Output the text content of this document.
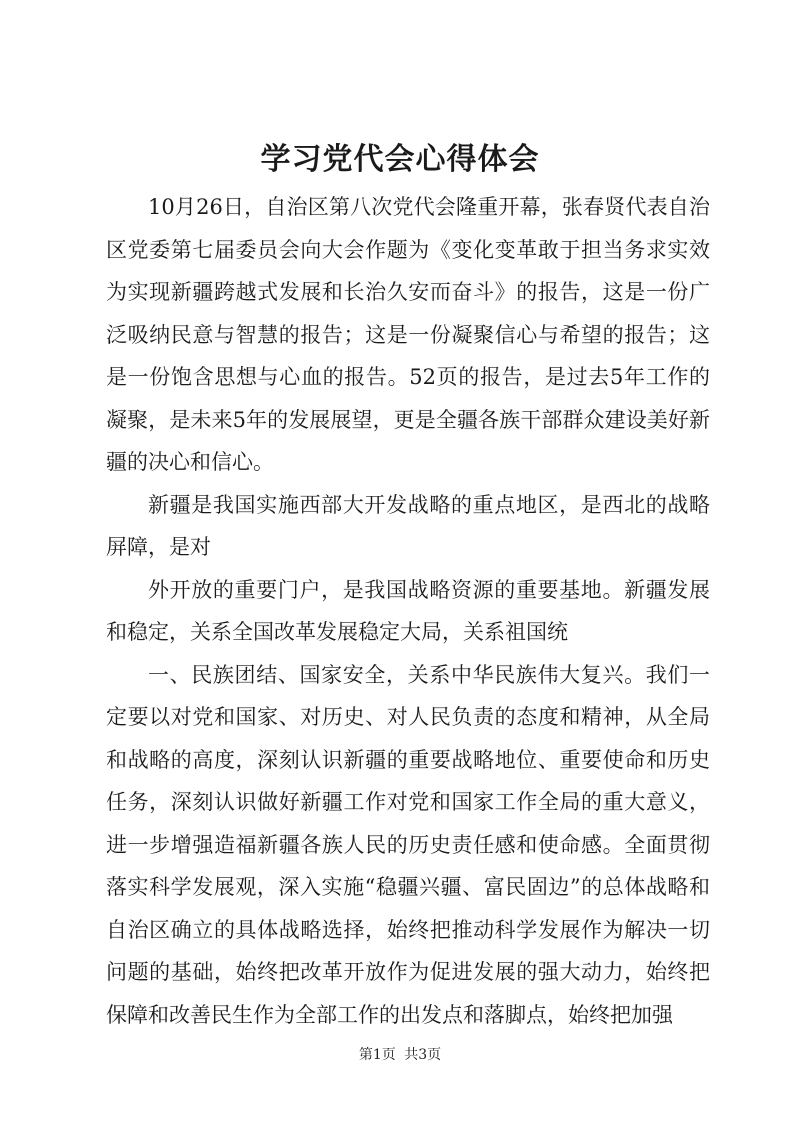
学习党代会心得体会

10月26日，自治区第八次党代会隆重开幕，张春贤代表自治区党委第七届委员会向大会作题为《变化变革敢于担当务求实效为实现新疆跨越式发展和长治久安而奋斗》的报告，这是一份广泛吸纳民意与智慧的报告；这是一份凝聚信心与希望的报告；这是一份饱含思想与心血的报告。52页的报告，是过去5年工作的凝聚，是未来5年的发展展望，更是全疆各族干部群众建设美好新疆的决心和信心。

新疆是我国实施西部大开发战略的重点地区，是西北的战略屏障，是对

外开放的重要门户，是我国战略资源的重要基地。新疆发展和稳定，关系全国改革发展稳定大局，关系祖国统

一、民族团结、国家安全，关系中华民族伟大复兴。我们一定要以对党和国家、对历史、对人民负责的态度和精神，从全局和战略的高度，深刻认识新疆的重要战略地位、重要使命和历史任务，深刻认识做好新疆工作对党和国家工作全局的重大意义，进一步增强造福新疆各族人民的历史责任感和使命感。全面贯彻落实科学发展观，深入实施“稳疆兴疆、富民固边”的总体战略和自治区确立的具体战略选择，始终把推动科学发展作为解决一切问题的基础，始终把改革开放作为促进发展的强大动力，始终把保障和改善民生作为全部工作的出发点和落脚点，始终把加强

第1页 共3页
